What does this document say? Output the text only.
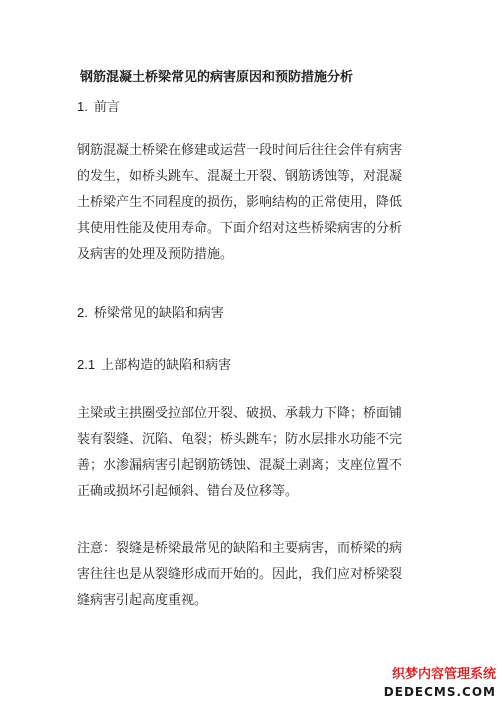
钢筋混凝土桥梁常见的病害原因和预防措施分析
1. 前言
钢筋混凝土桥梁在修建或运营一段时间后往往会伴有病害
的发生，如桥头跳车、混凝土开裂、钢筋诱蚀等，对混凝
土桥梁产生不同程度的损伤，影响结构的正常使用，降低
其使用性能及使用寿命。下面介绍对这些桥梁病害的分析
及病害的处理及预防措施。
2. 桥梁常见的缺陷和病害
2.1 上部构造的缺陷和病害
主梁或主拱圈受拉部位开裂、破损、承载力下降；桥面铺
装有裂缝、沉陷、龟裂；桥头跳车；防水层排水功能不完
善；水渗漏病害引起钢筋锈蚀、混凝土剥离；支座位置不
正确或损坏引起倾斜、错台及位移等。
注意：裂缝是桥梁最常见的缺陷和主要病害，而桥梁的病
害往往也是从裂缝形成而开始的。因此，我们应对桥梁裂
缝病害引起高度重视。
织梦内容管理系统
DEDECMS.COM
